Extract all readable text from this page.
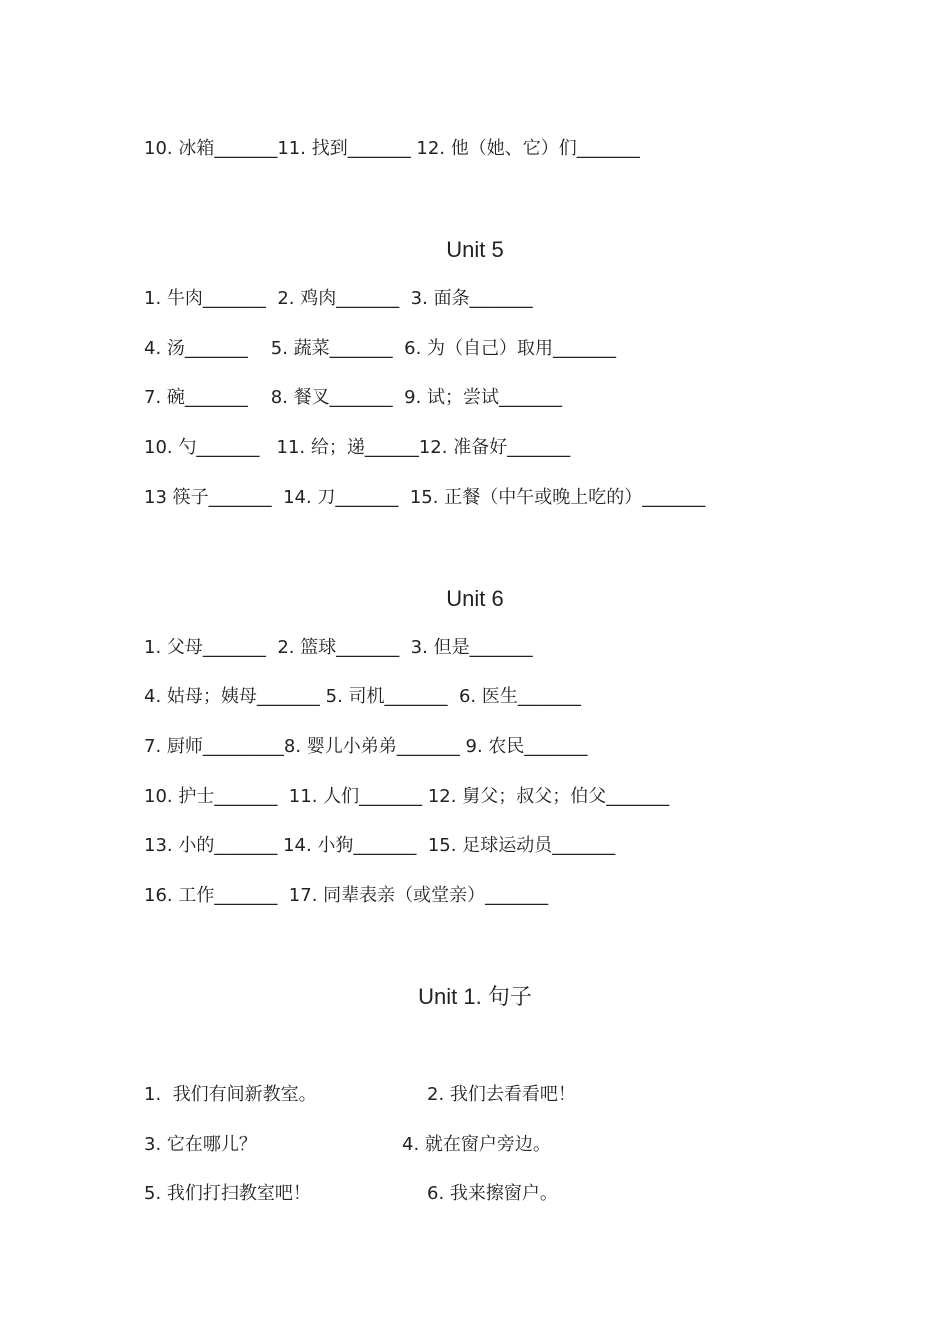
10. 冰箱_______11. 找到_______ 12. 他（她、它）们_______
Unit 5
1. 牛肉_______  2. 鸡肉_______  3. 面条_______
4. 汤_______    5. 蔬菜_______  6. 为（自己）取用_______
7. 碗_______    8. 餐叉_______  9. 试；尝试_______
10. 勺_______   11. 给；递______12. 准备好_______
13 筷子_______  14. 刀_______  15. 正餐（中午或晚上吃的）_______
Unit 6
1. 父母_______  2. 篮球_______  3. 但是_______
4. 姑母；姨母_______ 5. 司机_______  6. 医生_______
7. 厨师_________8. 婴儿小弟弟_______ 9. 农民_______
10. 护士_______  11. 人们_______ 12. 舅父；叔父；伯父_______
13. 小的_______ 14. 小狗_______  15. 足球运动员_______
16. 工作_______  17. 同辈表亲（或堂亲）_______
Unit 1. 句子
1.  我们有间新教室。	2. 我们去看看吧！
3. 它在哪儿？	4. 就在窗户旁边。
5. 我们打扫教室吧！	6. 我来擦窗户。
